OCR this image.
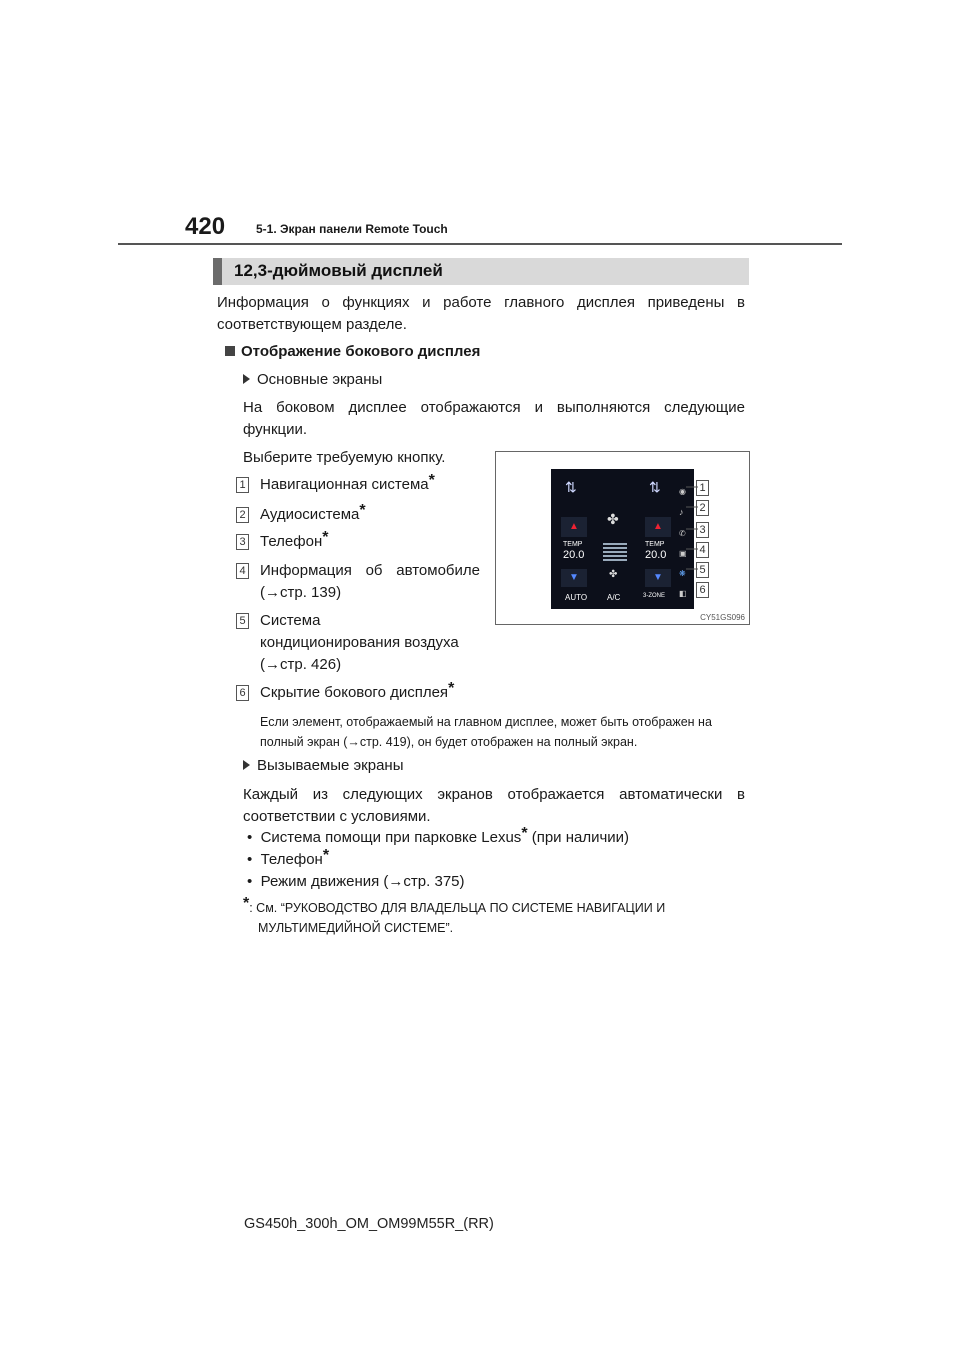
420	5-1. Экран панели Remote Touch
12,3-дюймовый дисплей
Информация о функциях и работе главного дисплея приведены в
соответствующем разделе.
Отображение бокового дисплея
Основные экраны
На боковом дисплее отображаются и выполняются следующие
функции.
Выберите требуемую кнопку.
1 Навигационная система*
2 Аудиосистема*
3 Телефон*
4 Информация об автомобиле
(→стр. 139)
5 Система
кондиционирования воздуха
(→стр. 426)
6 Скрытие бокового дисплея*
Если элемент, отображаемый на главном дисплее, может быть отображен на
полный экран (→стр. 419), он будет отображен на полный экран.
Вызываемые экраны
Каждый из следующих экранов отображается автоматически в
соответствии с условиями.
•  Система помощи при парковке Lexus* (при наличии)
•  Телефон*
•  Режим движения (→стр. 375)
*: См. “РУКОВОДСТВО ДЛЯ ВЛАДЕЛЬЦА ПО СИСТЕМЕ НАВИГАЦИИ И
МУЛЬТИМЕДИЙНОЙ СИСТЕМЕ”.
⇅	⇅
▲	▲
✤
✤
TEMP
20.0
TEMP
20.0
▼	▼
AUTO A/C	3-ZONE
◉
♪
✆
▣
❋
◧
1
2
3
4
5
6
CY51GS096
GS450h_300h_OM_OM99M55R_(RR)
